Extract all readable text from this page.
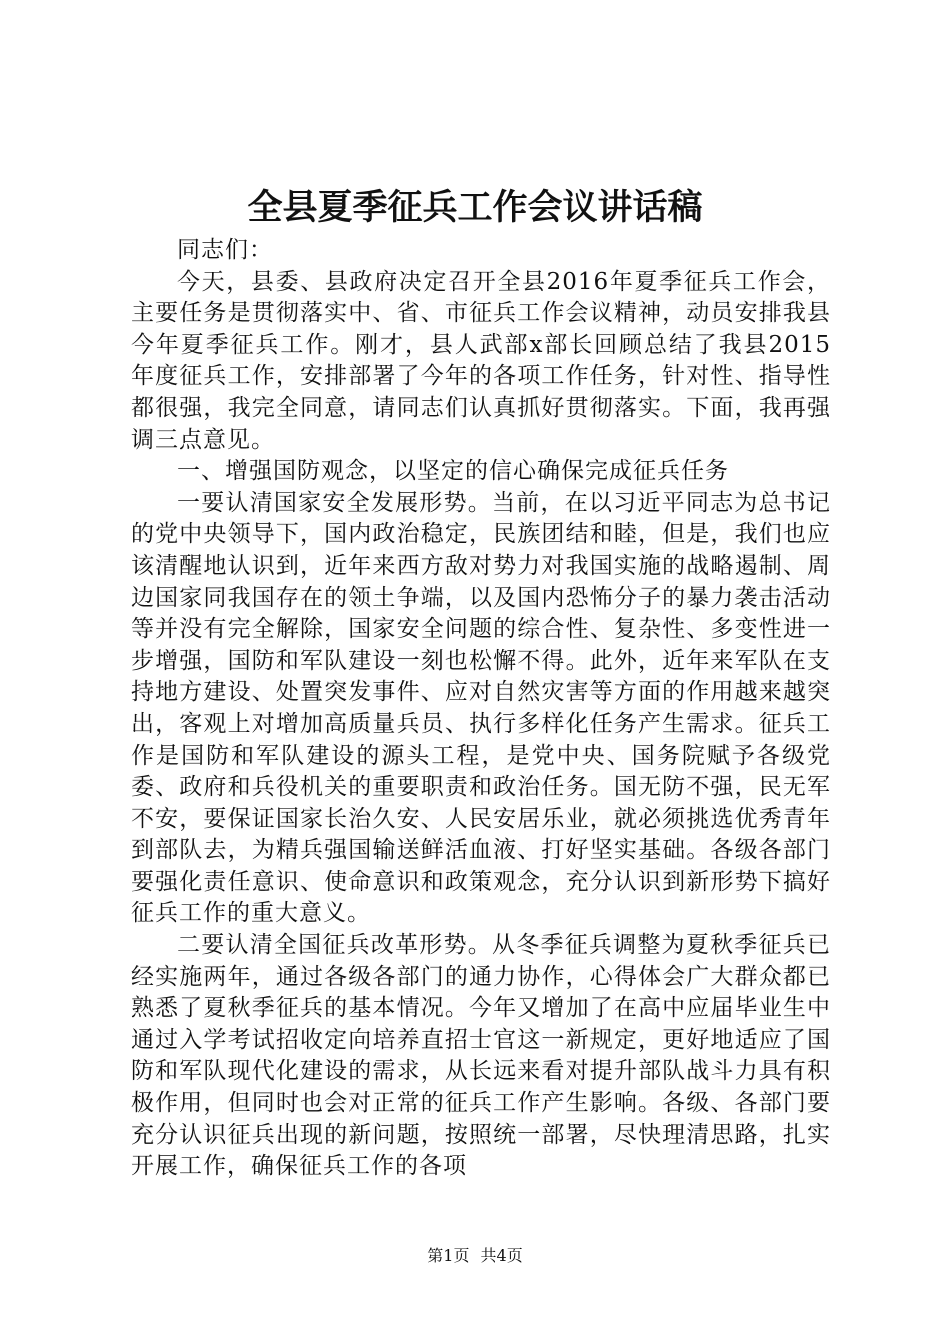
全县夏季征兵工作会议讲话稿

同志们：

今天，县委、县政府决定召开全县2016年夏季征兵工作会，主要任务是贯彻落实中、省、市征兵工作会议精神，动员安排我县今年夏季征兵工作。刚才，县人武部x部长回顾总结了我县2015年度征兵工作，安排部署了今年的各项工作任务，针对性、指导性都很强，我完全同意，请同志们认真抓好贯彻落实。下面，我再强调三点意见。

一、增强国防观念，以坚定的信心确保完成征兵任务

一要认清国家安全发展形势。当前，在以习近平同志为总书记的党中央领导下，国内政治稳定，民族团结和睦，但是，我们也应该清醒地认识到，近年来西方敌对势力对我国实施的战略遏制、周边国家同我国存在的领土争端，以及国内恐怖分子的暴力袭击活动等并没有完全解除，国家安全问题的综合性、复杂性、多变性进一步增强，国防和军队建设一刻也松懈不得。此外，近年来军队在支持地方建设、处置突发事件、应对自然灾害等方面的作用越来越突出，客观上对增加高质量兵员、执行多样化任务产生需求。征兵工作是国防和军队建设的源头工程，是党中央、国务院赋予各级党委、政府和兵役机关的重要职责和政治任务。国无防不强，民无军不安，要保证国家长治久安、人民安居乐业，就必须挑选优秀青年到部队去，为精兵强国输送鲜活血液、打好坚实基础。各级各部门要强化责任意识、使命意识和政策观念，充分认识到新形势下搞好征兵工作的重大意义。

二要认清全国征兵改革形势。从冬季征兵调整为夏秋季征兵已经实施两年，通过各级各部门的通力协作，心得体会广大群众都已熟悉了夏秋季征兵的基本情况。今年又增加了在高中应届毕业生中通过入学考试招收定向培养直招士官这一新规定，更好地适应了国防和军队现代化建设的需求，从长远来看对提升部队战斗力具有积极作用，但同时也会对正常的征兵工作产生影响。各级、各部门要充分认识征兵出现的新问题，按照统一部署，尽快理清思路，扎实开展工作，确保征兵工作的各项

第1页 共4页
